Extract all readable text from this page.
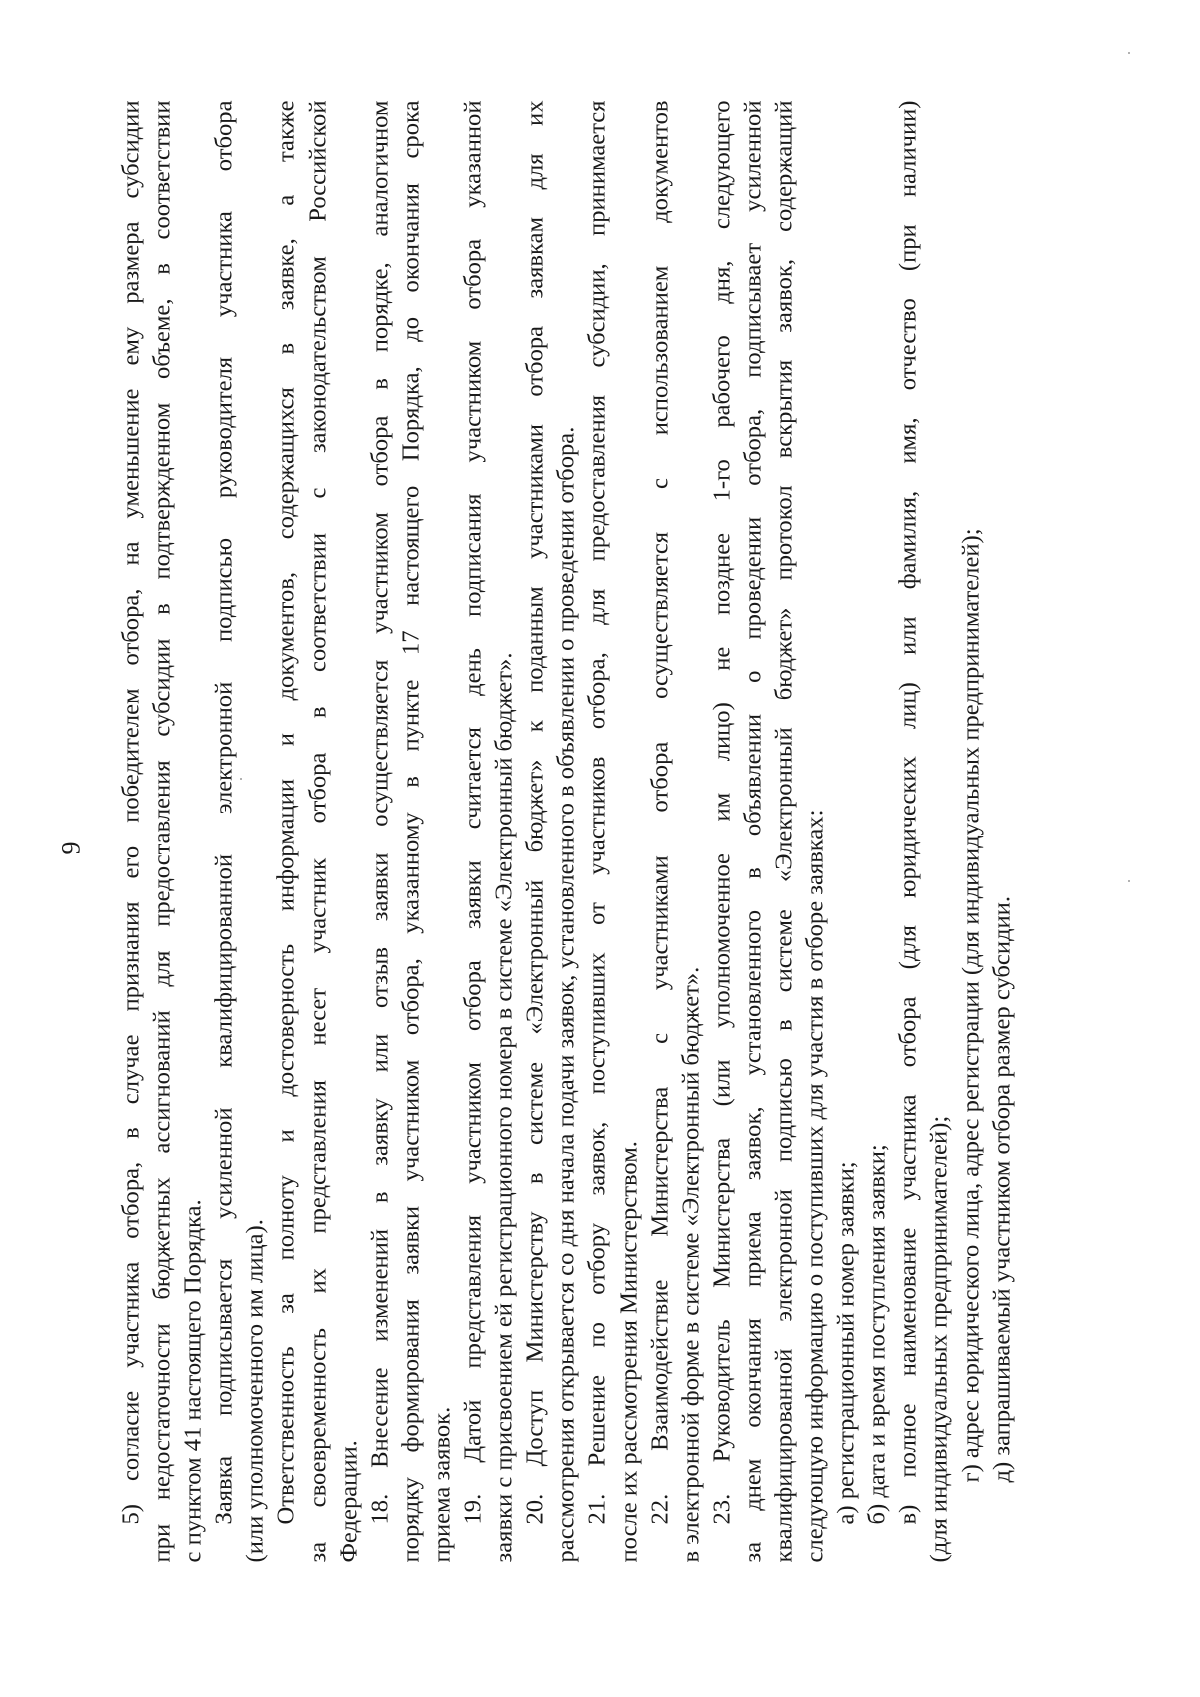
9 5) согласие участника отбора, в случае признания его победителем отбора, на уменьшение ему размера субсидии при недостаточности бюджетных ассигнований для предоставления субсидии в подтвержденном объеме, в соответствии с пунктом 41 настоящего Порядка. Заявка подписывается усиленной квалифицированной электронной подписью руководителя участника отбора (или уполномоченного им лица). Ответственность за полноту и достоверность информации и документов, содержащихся в заявке, а также за своевременность их представления несет участник отбора в соответствии с законодательством Российской Федерации. 18. Внесение изменений в заявку или отзыв заявки осуществляется участником отбора в порядке, аналогичном порядку формирования заявки участником отбора, указанному в пункте 17 настоящего Порядка, до окончания срока приема заявок. 19. Датой представления участником отбора заявки считается день подписания участником отбора указанной заявки с присвоением ей регистрационного номера в системе «Электронный бюджет». 20. Доступ Министерству в системе «Электронный бюджет» к поданным участниками отбора заявкам для их рассмотрения открывается со дня начала подачи заявок, установленного в объявлении о проведении отбора. 21. Решение по отбору заявок, поступивших от участников отбора, для предоставления субсидии, принимается после их рассмотрения Министерством. 22. Взаимодействие Министерства с участниками отбора осуществляется с использованием документов в электронной форме в системе «Электронный бюджет». 23. Руководитель Министерства (или уполномоченное им лицо) не позднее 1-го рабочего дня, следующего за днем окончания приема заявок, установленного в объявлении о проведении отбора, подписывает усиленной квалифицированной электронной подписью в системе «Электронный бюджет» протокол вскрытия заявок, содержащий следующую информацию о поступивших для участия в отборе заявках: а) регистрационный номер заявки; б) дата и время поступления заявки; в) полное наименование участника отбора (для юридических лиц) или фамилия, имя, отчество (при наличии) (для индивидуальных предпринимателей); г) адрес юридического лица, адрес регистрации (для индивидуальных предпринимателей); д) запрашиваемый участником отбора размер субсидии.
